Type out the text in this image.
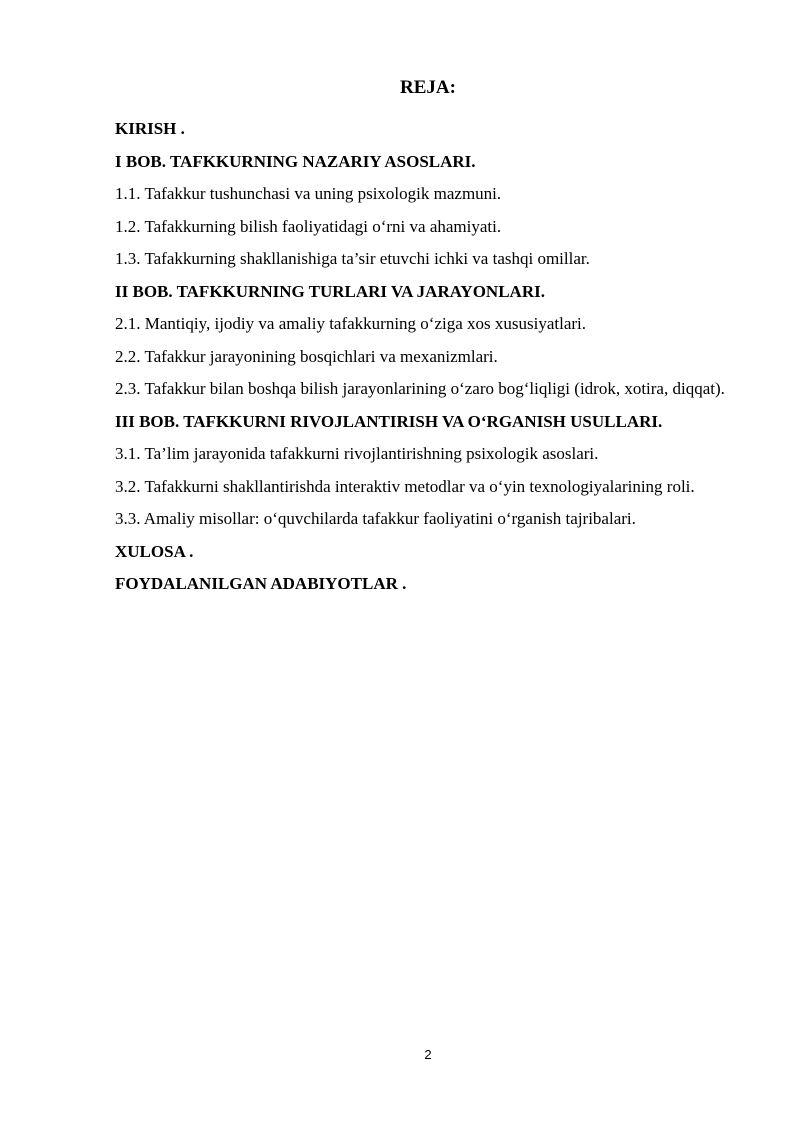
REJA:

KIRISH .

I BOB. TAFKKURNING NAZARIY ASOSLARI.

1.1. Tafakkur tushunchasi va uning psixologik mazmuni.

1.2. Tafakkurning bilish faoliyatidagi o‘rni va ahamiyati.

1.3. Tafakkurning shakllanishiga ta’sir etuvchi ichki va tashqi omillar.

II BOB. TAFKKURNING TURLARI VA JARAYONLARI.

2.1. Mantiqiy, ijodiy va amaliy tafakkurning o‘ziga xos xususiyatlari.

2.2. Tafakkur jarayonining bosqichlari va mexanizmlari.

2.3. Tafakkur bilan boshqa bilish jarayonlarining o‘zaro bog‘liqligi (idrok, xotira, diqqat).

III BOB. TAFKKURNI RIVOJLANTIRISH VA O‘RGANISH USULLARI.

3.1. Ta’lim jarayonida tafakkurni rivojlantirishning psixologik asoslari.

3.2. Tafakkurni shakllantirishda interaktiv metodlar va o‘yin texnologiyalarining roli.

3.3. Amaliy misollar: o‘quvchilarda tafakkur faoliyatini o‘rganish tajribalari.

XULOSA .

FOYDALANILGAN ADABIYOTLAR .

2
